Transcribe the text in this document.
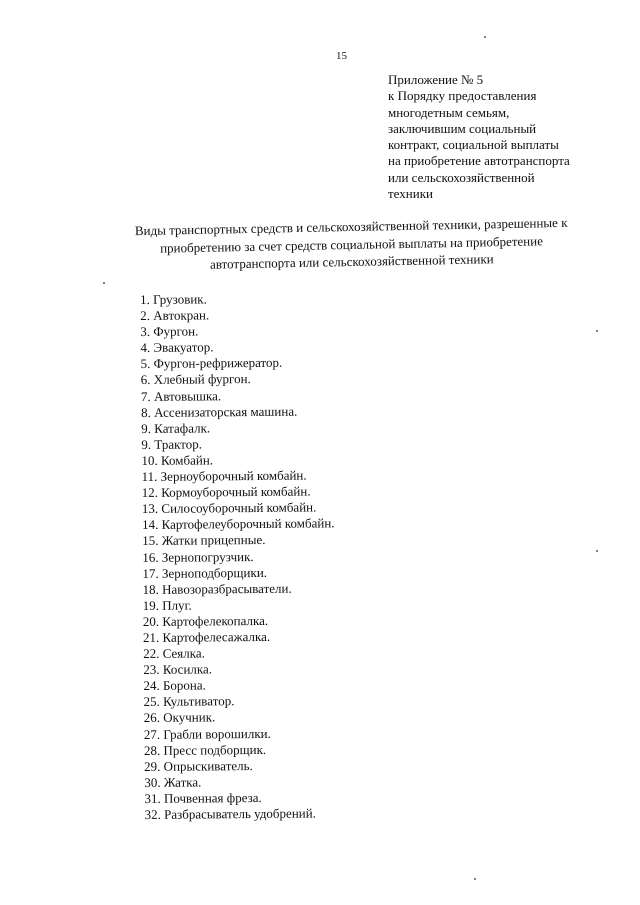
15
Приложение № 5
к Порядку предоставления
многодетным семьям,
заключившим социальный
контракт, социальной выплаты
на приобретение автотранспорта
или сельскохозяйственной
техники
Виды транспортных средств и сельскохозяйственной техники, разрешенные к
приобретению за счет средств социальной выплаты на приобретение
автотранспорта или сельскохозяйственной техники
1. Грузовик.
2. Автокран.
3. Фургон.
4. Эвакуатор.
5. Фургон-рефрижератор.
6. Хлебный фургон.
7. Автовышка.
8. Ассенизаторская машина.
9. Катафалк.
9. Трактор.
10. Комбайн.
11. Зерноуборочный комбайн.
12. Кормоуборочный комбайн.
13. Силосоуборочный комбайн.
14. Картофелеуборочный комбайн.
15. Жатки прицепные.
16. Зернопогрузчик.
17. Зерноподборщики.
18. Навозоразбрасыватели.
19. Плуг.
20. Картофелекопалка.
21. Картофелесажалка.
22. Сеялка.
23. Косилка.
24. Борона.
25. Культиватор.
26. Окучник.
27. Грабли ворошилки.
28. Пресс подборщик.
29. Опрыскиватель.
30. Жатка.
31. Почвенная фреза.
32. Разбрасыватель удобрений.
